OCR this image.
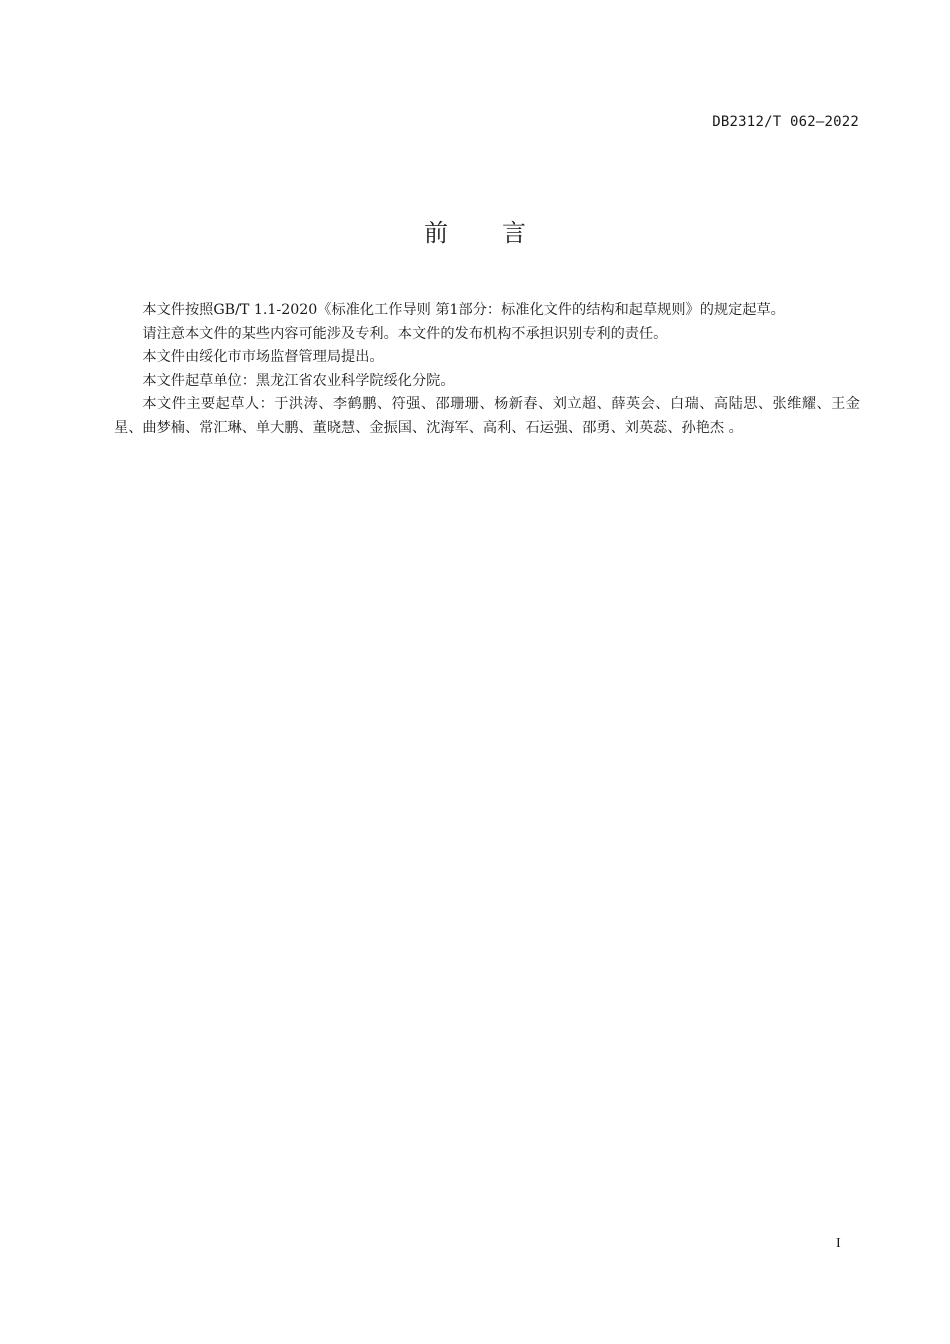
DB2312/T 062—2022
前 言

本文件按照GB/T 1.1-2020《标准化工作导则 第1部分：标准化文件的结构和起草规则》的规定起草。

请注意本文件的某些内容可能涉及专利。本文件的发布机构不承担识别专利的责任。

本文件由绥化市市场监督管理局提出。

本文件起草单位：黑龙江省农业科学院绥化分院。

本文件主要起草人：于洪涛、李鹤鹏、符强、邵珊珊、杨新春、刘立超、薛英会、白瑞、高陆思、张维耀、王金星、曲梦楠、常汇琳、单大鹏、董晓慧、金振国、沈海军、高利、石运强、邵勇、刘英蕊、孙艳杰 。

I
